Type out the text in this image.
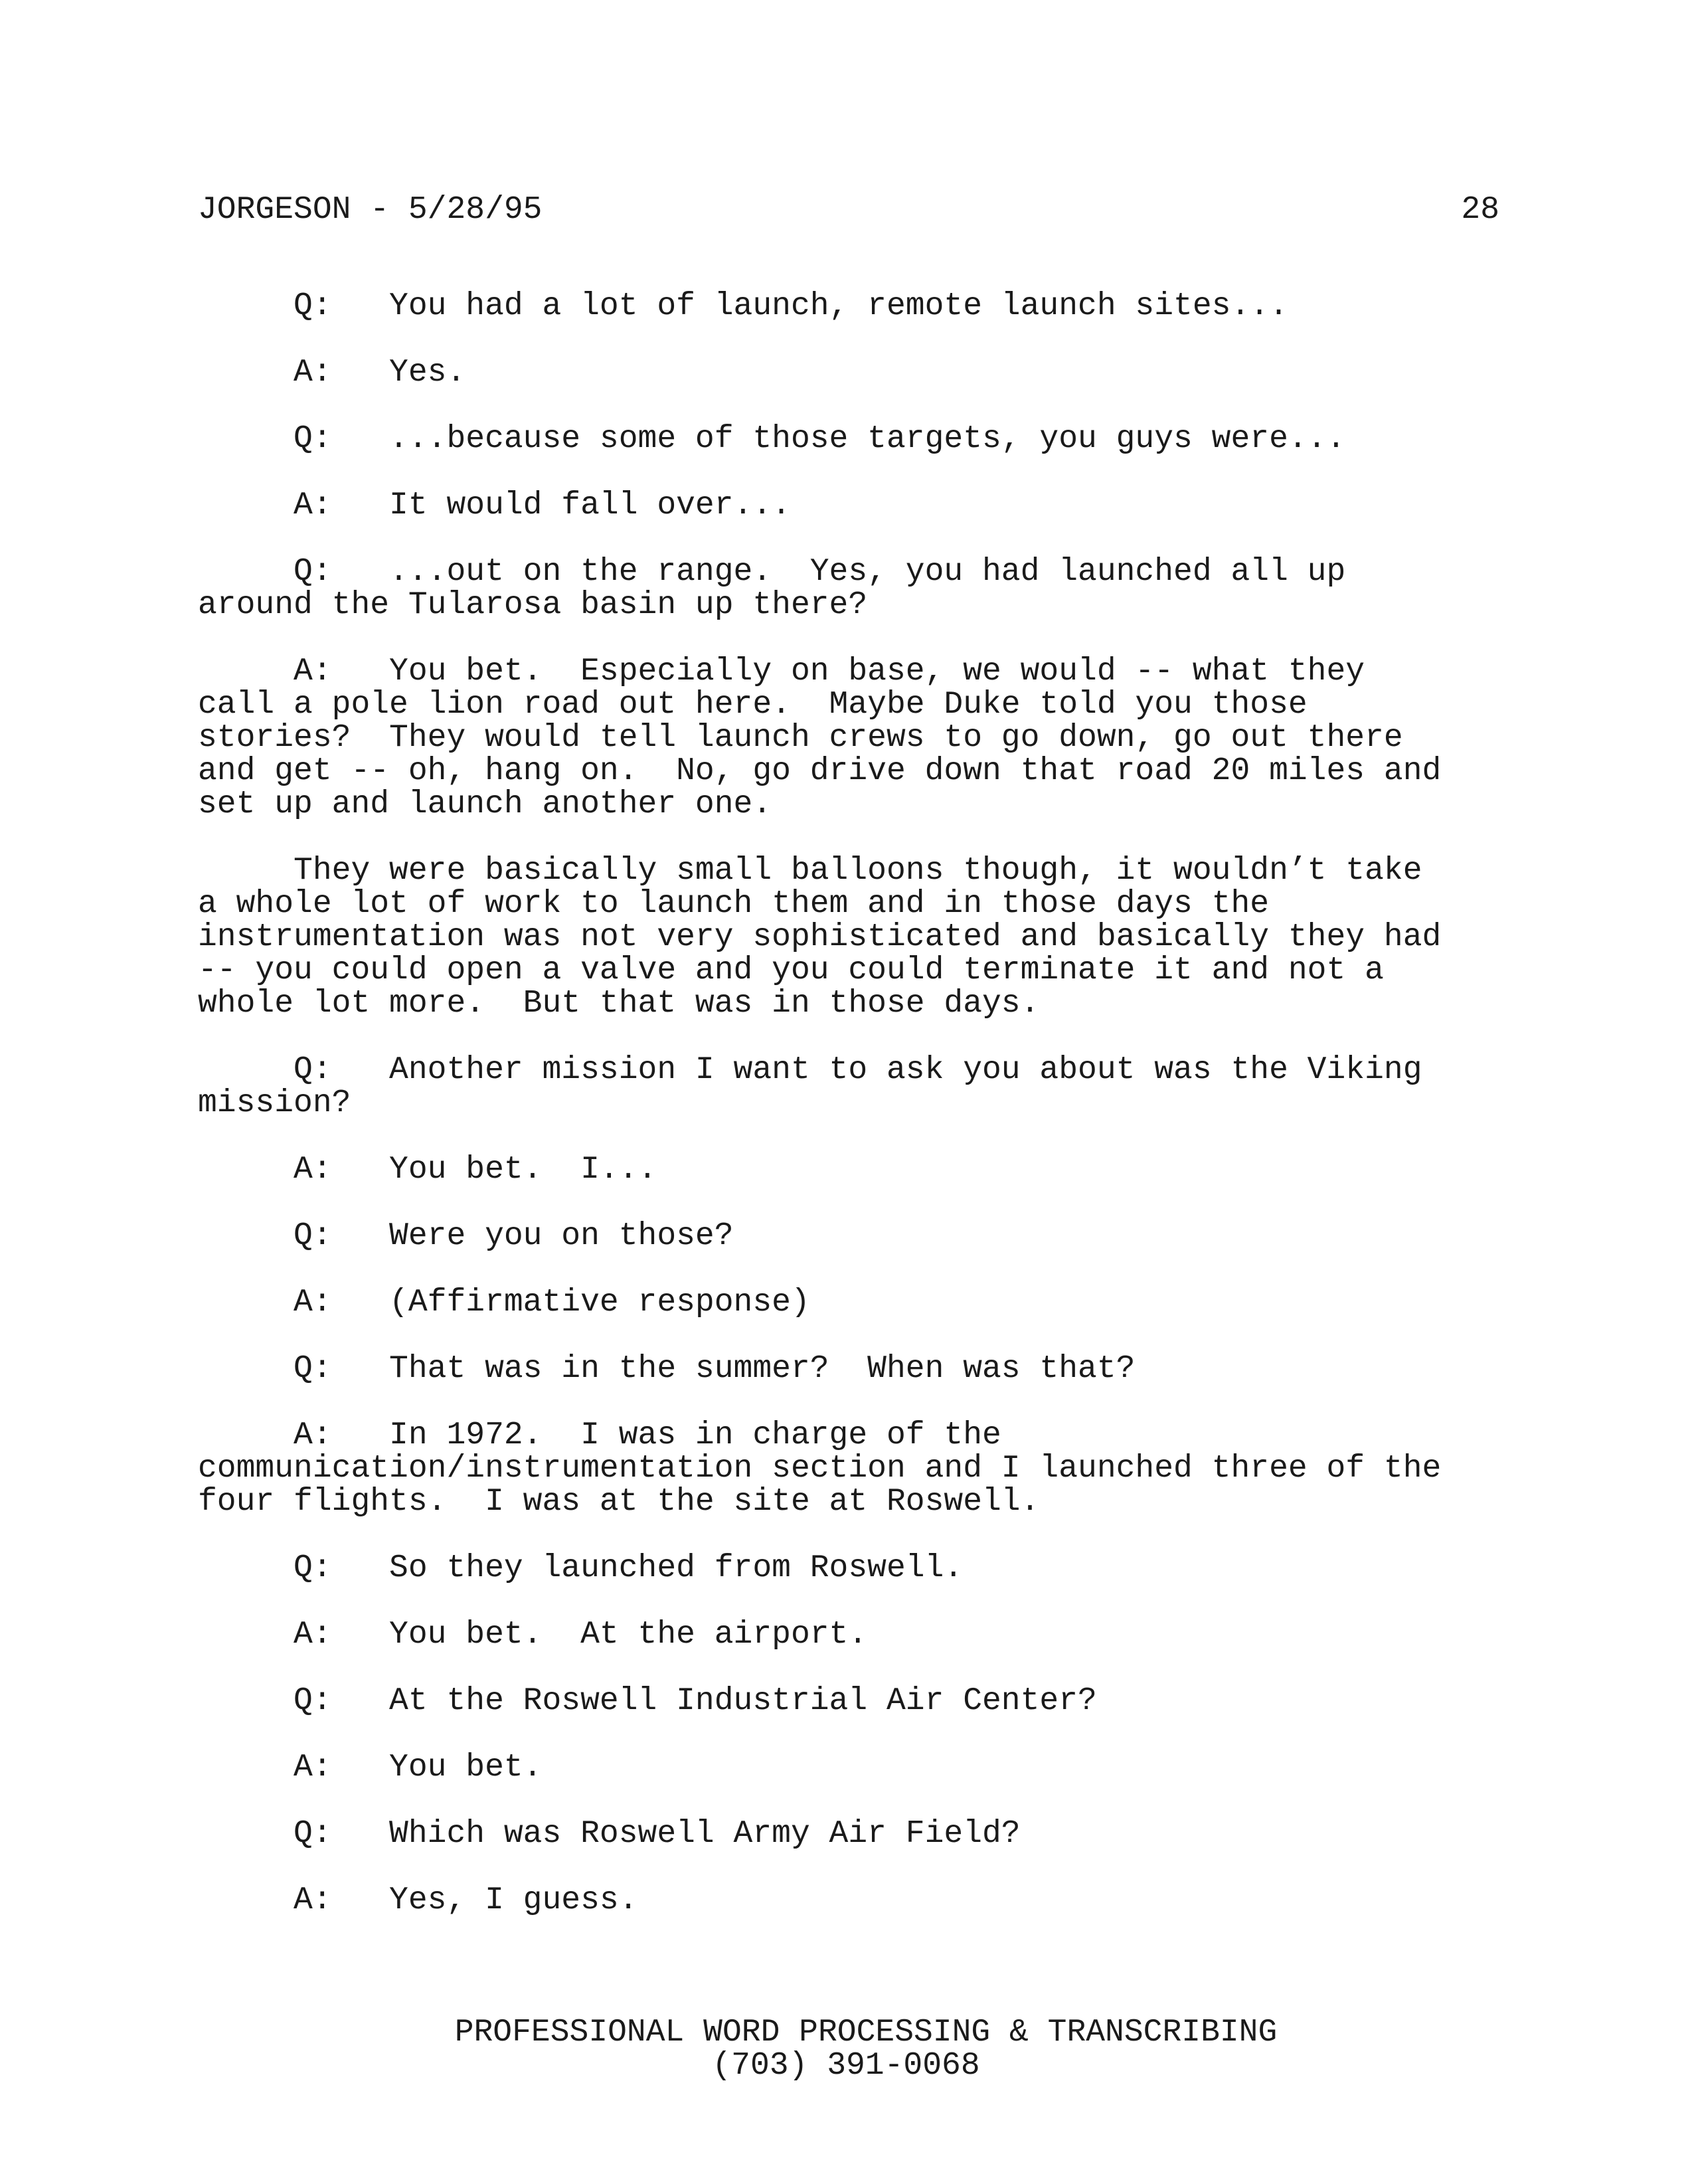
JORGESON - 5/28/95	28

Q:   You had a lot of launch, remote launch sites...

A:   Yes.

Q:   ...because some of those targets, you guys were...

A:   It would fall over...

Q:   ...out on the range.  Yes, you had launched all up
around the Tularosa basin up there?

A:   You bet.  Especially on base, we would -- what they
call a pole lion road out here.  Maybe Duke told you those
stories?  They would tell launch crews to go down, go out there
and get -- oh, hang on.  No, go drive down that road 20 miles and
set up and launch another one.

They were basically small balloons though, it wouldn’t take
a whole lot of work to launch them and in those days the
instrumentation was not very sophisticated and basically they had
-- you could open a valve and you could terminate it and not a
whole lot more.  But that was in those days.

Q:   Another mission I want to ask you about was the Viking
mission?

A:   You bet.  I...

Q:   Were you on those?

A:   (Affirmative response)

Q:   That was in the summer?  When was that?

A:   In 1972.  I was in charge of the
communication/instrumentation section and I launched three of the
four flights.  I was at the site at Roswell.

Q:   So they launched from Roswell.

A:   You bet.  At the airport.

Q:   At the Roswell Industrial Air Center?

A:   You bet.

Q:   Which was Roswell Army Air Field?

A:   Yes, I guess.

PROFESSIONAL WORD PROCESSING & TRANSCRIBING
(703) 391-0068
